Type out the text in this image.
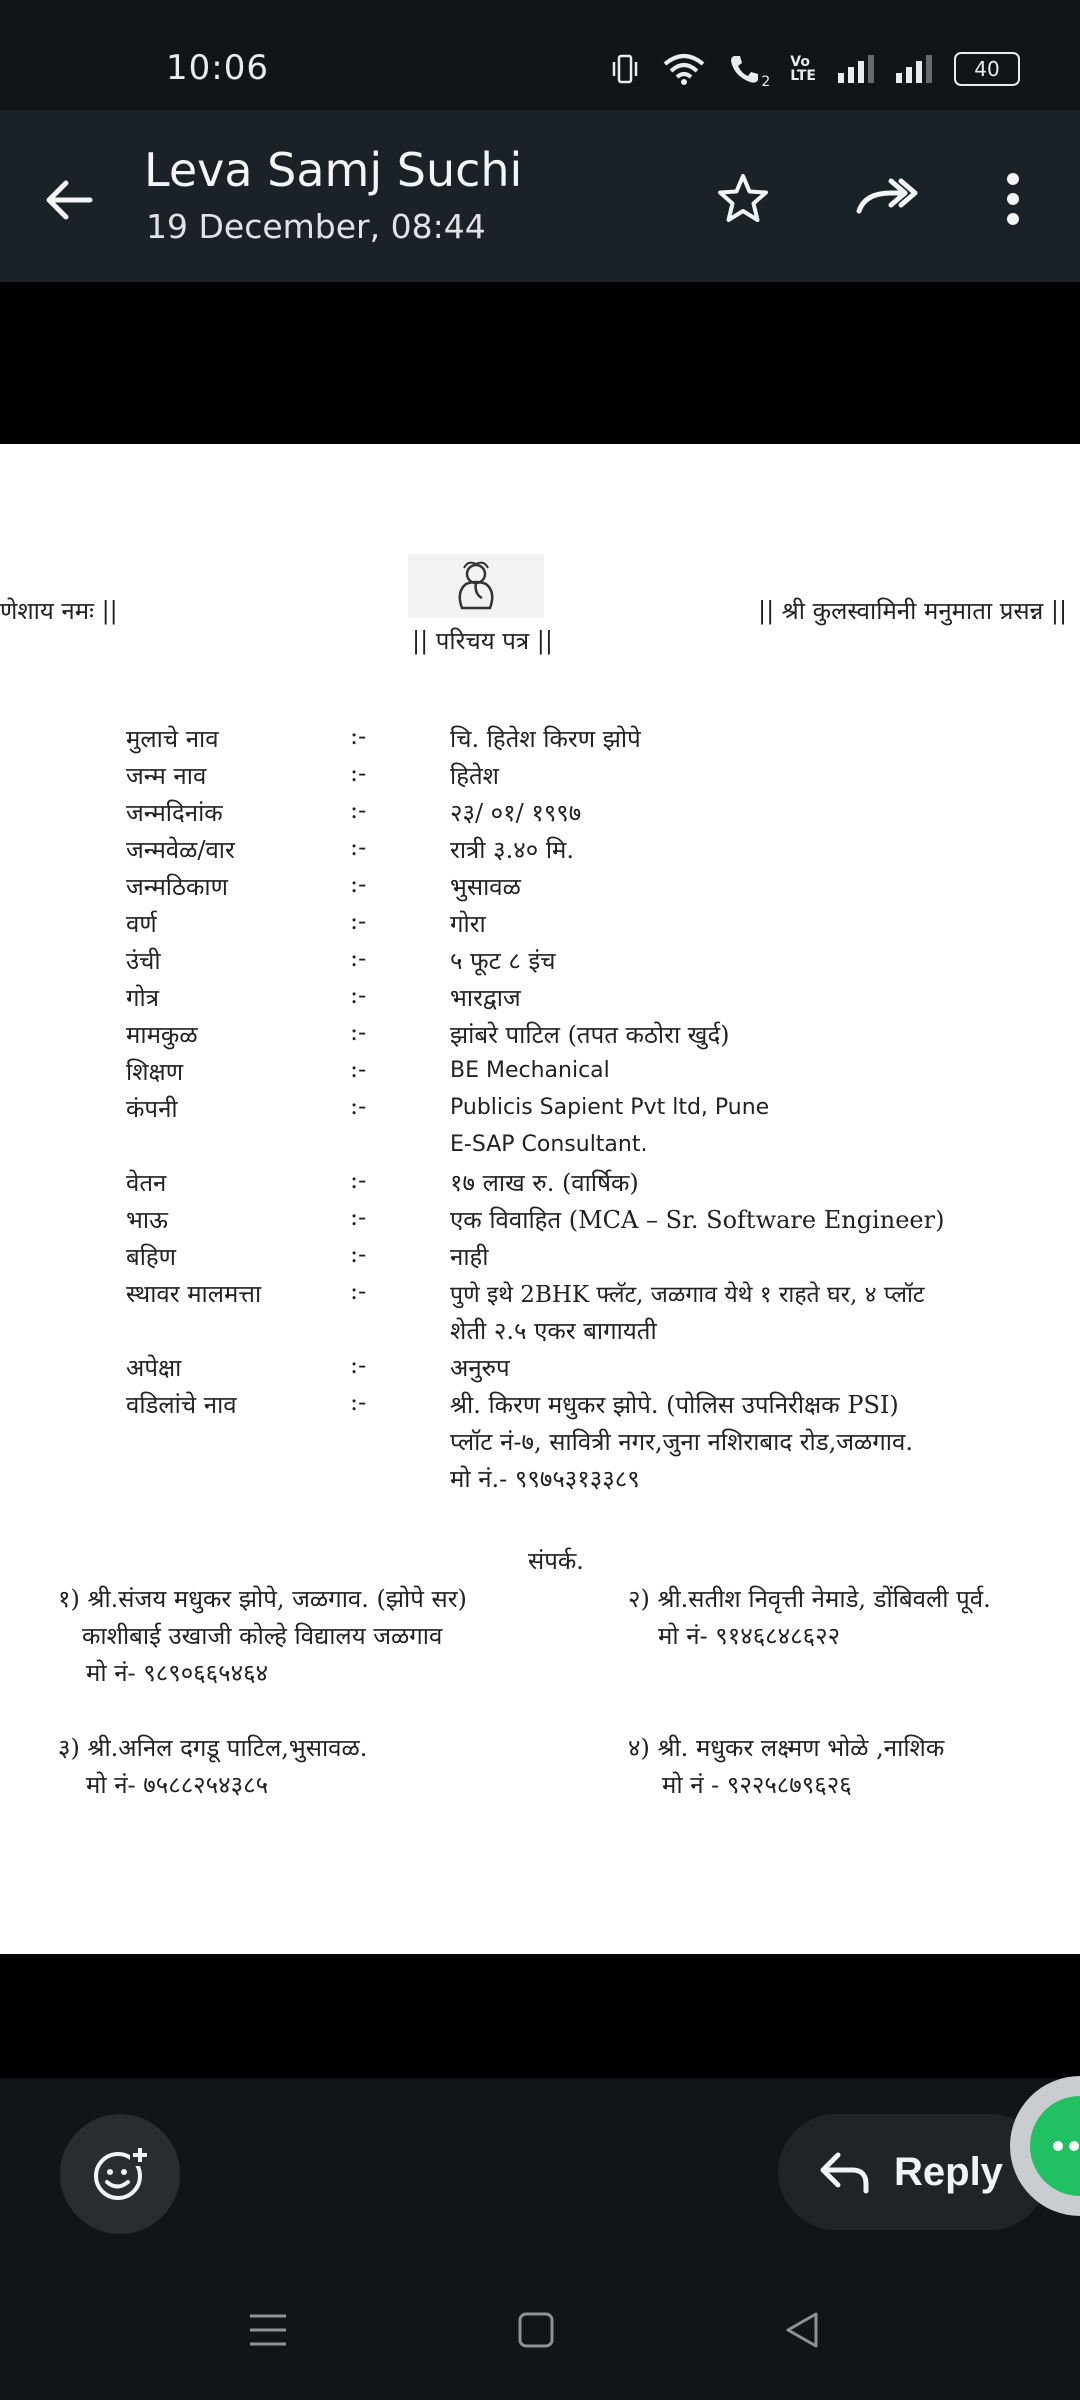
10:06	2
Vo
LTE	40
Leva Samj Suchi
19 December, 08:44
णेशाय नमः ||
|| परिचय पत्र ||
|| श्री कुलस्वामिनी मनुमाता प्रसन्न ||
मुलाचे नाव	:-	चि. हितेश किरण झोपे
जन्म नाव	:-	हितेश
जन्मदिनांक	:-	२३/ ०१/ १९९७
जन्मवेळ/वार	:-	रात्री ३.४० मि.
जन्मठिकाण	:-	भुसावळ
वर्ण	:-	गोरा
उंची	:-	५ फूट ८ इंच
गोत्र	:-	भारद्वाज
मामकुळ	:-	झांबरे पाटिल (तपत कठोरा खुर्द)
शिक्षण	:-	BE Mechanical
कंपनी	:-	Publicis Sapient Pvt ltd, Pune
E-SAP Consultant.
वेतन	:-	१७ लाख रु. (वार्षिक)
भाऊ	:-	एक विवाहित (MCA – Sr. Software Engineer)
बहिण	:-	नाही
स्थावर मालमत्ता	:-	पुणे इथे 2BHK फ्लॅट, जळगाव येथे १ राहते घर, ४ प्लॉट
शेती २.५ एकर बागायती
अपेक्षा	:-	अनुरुप
वडिलांचे नाव	:-	श्री. किरण मधुकर झोपे. (पोलिस उपनिरीक्षक PSI)
प्लॉट नं-७, सावित्री नगर,जुना नशिराबाद रोड,जळगाव.
मो नं.- ९९७५३१३३८९
संपर्क.
१) श्री.संजय मधुकर झोपे, जळगाव. (झोपे सर)
काशीबाई उखाजी कोल्हे विद्यालय जळगाव
मो नं- ९८९०६६५४६४
२) श्री.सतीश निवृत्ती नेमाडे, डोंबिवली पूर्व.
मो नं- ९१४६८४८६२२
३) श्री.अनिल दगडू पाटिल,भुसावळ.
मो नं- ७५८८२५४३८५
४) श्री. मधुकर लक्ष्मण भोळे ,नाशिक
मो नं - ९२२५८७९६२६
Reply
